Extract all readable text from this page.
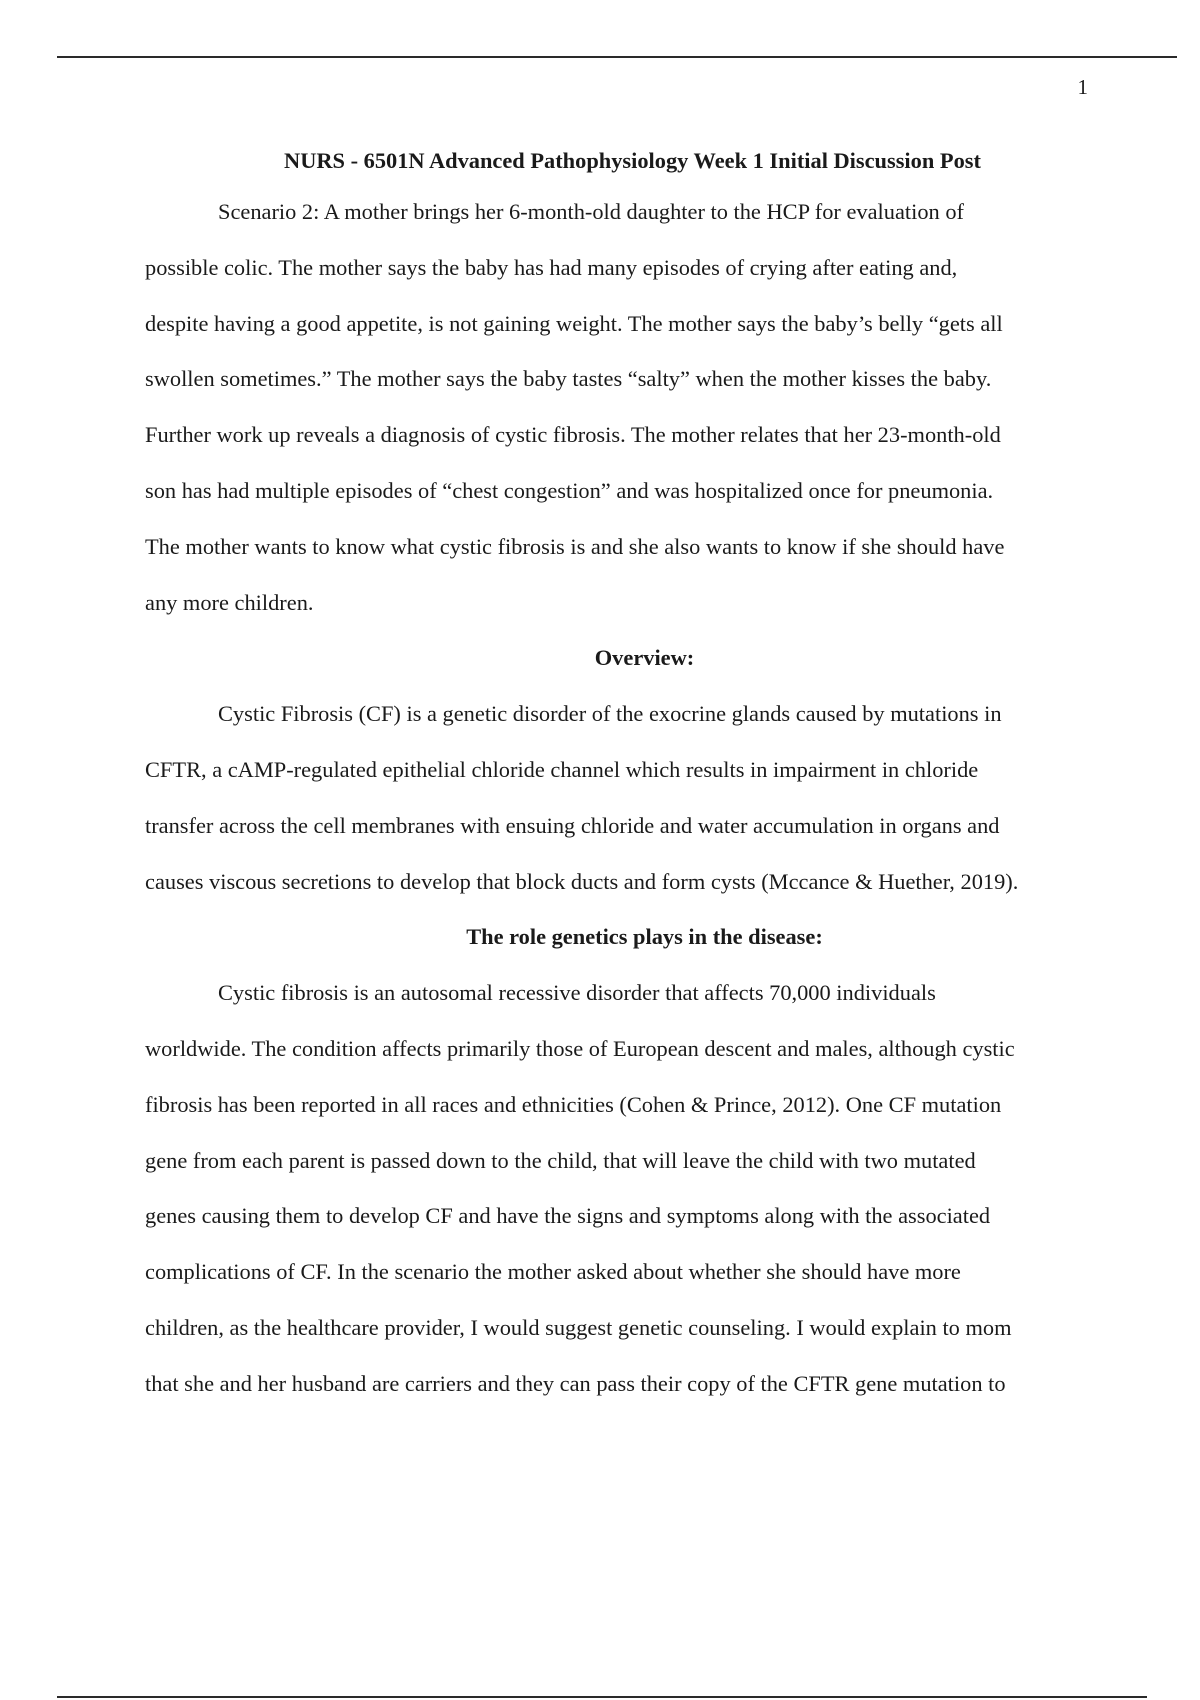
1
NURS - 6501N Advanced Pathophysiology Week 1 Initial Discussion Post

Scenario 2: A mother brings her 6-month-old daughter to the HCP for evaluation of
possible colic. The mother says the baby has had many episodes of crying after eating and,
despite having a good appetite, is not gaining weight. The mother says the baby’s belly “gets all
swollen sometimes.” The mother says the baby tastes “salty” when the mother kisses the baby.
Further work up reveals a diagnosis of cystic fibrosis. The mother relates that her 23-month-old
son has had multiple episodes of “chest congestion” and was hospitalized once for pneumonia.
The mother wants to know what cystic fibrosis is and she also wants to know if she should have
any more children.

Overview:

Cystic Fibrosis (CF) is a genetic disorder of the exocrine glands caused by mutations in
CFTR, a cAMP-regulated epithelial chloride channel which results in impairment in chloride
transfer across the cell membranes with ensuing chloride and water accumulation in organs and
causes viscous secretions to develop that block ducts and form cysts (Mccance & Huether, 2019).

The role genetics plays in the disease:

Cystic fibrosis is an autosomal recessive disorder that affects 70,000 individuals
worldwide. The condition affects primarily those of European descent and males, although cystic
fibrosis has been reported in all races and ethnicities (Cohen & Prince, 2012). One CF mutation
gene from each parent is passed down to the child, that will leave the child with two mutated
genes causing them to develop CF and have the signs and symptoms along with the associated
complications of CF. In the scenario the mother asked about whether she should have more
children, as the healthcare provider, I would suggest genetic counseling. I would explain to mom
that she and her husband are carriers and they can pass their copy of the CFTR gene mutation to
